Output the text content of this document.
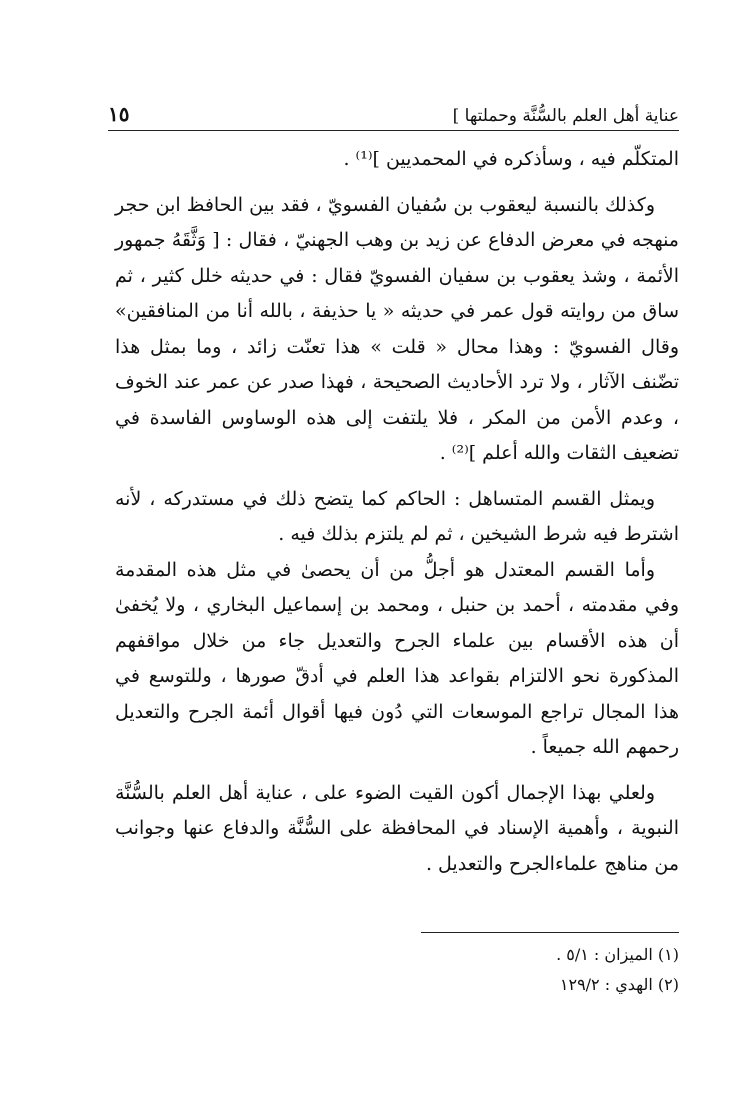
عناية أهل العلم بالسُّنَّة وحملتها ]
١٥

المتكلّم فيه ، وسأذكره في المحمديين ]⁽¹⁾ .

وكذلك بالنسبة ليعقوب بن سُفيان الفسويّ ، فقد بين الحافظ ابن حجر منهجه في معرض الدفاع عن زيد بن وهب الجهنيّ ، فقال : [ وَثَّقَهُ جمهور الأئمة ، وشذ يعقوب بن سفيان الفسويّ فقال : في حديثه خلل كثير ، ثم ساق من روايته قول عمر في حديثه « يا حذيفة ، بالله أنا من المنافقين» وقال الفسويّ : وهذا محال « قلت » هذا تعنّت زائد ، وما بمثل هذا تضّنف الآثار ، ولا ترد الأحاديث الصحيحة ، فهذا صدر عن عمر عند الخوف ، وعدم الأمن من المكر ، فلا يلتفت إلى هذه الوساوس الفاسدة في تضعيف الثقات والله أعلم ]⁽²⁾ .

ويمثل القسم المتساهل : الحاكم كما يتضح ذلك في مستدركه ، لأنه اشترط فيه شرط الشيخين ، ثم لم يلتزم بذلك فيه .

وأما القسم المعتدل هو أجلُّ من أن يحصىٰ في مثل هذه المقدمة وفي مقدمته ، أحمد بن حنبل ، ومحمد بن إسماعيل البخاري ، ولا يُخفىٰ أن هذه الأقسام بين علماء الجرح والتعديل جاء من خلال مواقفهم المذكورة نحو الالتزام بقواعد هذا العلم في أدقّ صورها ، وللتوسع في هذا المجال تراجع الموسعات التي دُون فيها أقوال أئمة الجرح والتعديل رحمهم الله جميعاً .

ولعلي بهذا الإجمال أكون القيت الضوء على ، عناية أهل العلم بالسُّنَّة النبوية ، وأهمية الإسناد في المحافظة على السُّنَّة والدفاع عنها وجوانب من مناهج علماءالجرح والتعديل .

(١) الميزان : ٥/١ .

(٢) الهدي : ١٢٩/٢
